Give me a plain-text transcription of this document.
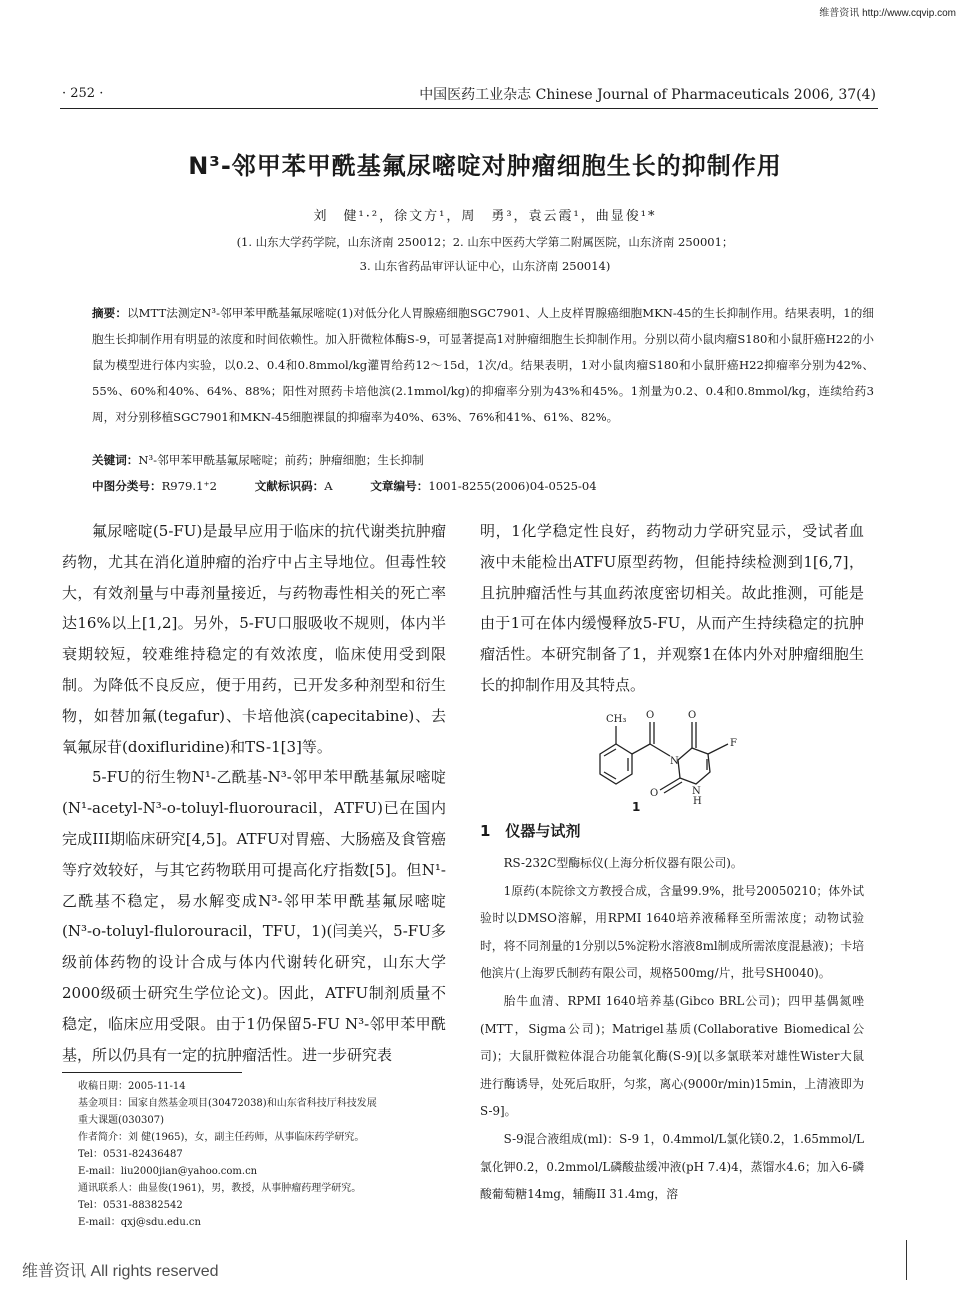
维普资讯 http://www.cqvip.com
· 252 ·	中国医药工业杂志 Chinese Journal of Pharmaceuticals 2006, 37(4)
N³-邻甲苯甲酰基氟尿嘧啶对肿瘤细胞生长的抑制作用
刘　健¹·²，徐文方¹，周　勇³，袁云霞¹，曲显俊¹*
(1. 山东大学药学院，山东济南 250012；2. 山东中医药大学第二附属医院，山东济南 250001；
3. 山东省药品审评认证中心，山东济南 250014)

摘要：以MTT法测定N³-邻甲苯甲酰基氟尿嘧啶(1)对低分化人胃腺癌细胞SGC7901、人上皮样胃腺癌细胞MKN-45的生长抑制作用。结果表明，1的细胞生长抑制作用有明显的浓度和时间依赖性。加入肝微粒体酶S-9，可显著提高1对肿瘤细胞生长抑制作用。分别以荷小鼠肉瘤S180和小鼠肝癌H22的小鼠为模型进行体内实验，以0.2、0.4和0.8mmol/kg灌胃给药12～15d，1次/d。结果表明，1对小鼠肉瘤S180和小鼠肝癌H22抑瘤率分别为42%、55%、60%和40%、64%、88%；阳性对照药卡培他滨(2.1mmol/kg)的抑瘤率分别为43%和45%。1剂量为0.2、0.4和0.8mmol/kg，连续给药3周，对分别移植SGC7901和MKN-45细胞裸鼠的抑瘤率为40%、63%、76%和41%、61%、82%。

关键词：N³-邻甲苯甲酰基氟尿嘧啶；前药；肿瘤细胞；生长抑制
中图分类号：R979.1⁺2	文献标识码：A	文章编号：1001-8255(2006)04-0525-04

氟尿嘧啶(5-FU)是最早应用于临床的抗代谢类抗肿瘤药物，尤其在消化道肿瘤的治疗中占主导地位。但毒性较大，有效剂量与中毒剂量接近，与药物毒性相关的死亡率达16%以上[1,2]。另外，5-FU口服吸收不规则，体内半衰期较短，较难维持稳定的有效浓度，临床使用受到限制。为降低不良反应，便于用药，已开发多种剂型和衍生物，如替加氟(tegafur)、卡培他滨(capecitabine)、去氧氟尿苷(doxifluridine)和TS-1[3]等。

5-FU的衍生物N¹-乙酰基-N³-邻甲苯甲酰基氟尿嘧啶(N¹-acetyl-N³-o-toluyl-fluorouracil，ATFU)已在国内完成III期临床研究[4,5]。ATFU对胃癌、大肠癌及食管癌等疗效较好，与其它药物联用可提高化疗指数[5]。但N¹-乙酰基不稳定，易水解变成N³-邻甲苯甲酰基氟尿嘧啶(N³-o-toluyl-flulorouracil，TFU，1)(闫美兴，5-FU多级前体药物的设计合成与体内代谢转化研究，山东大学2000级硕士研究生学位论文)。因此，ATFU制剂质量不稳定，临床应用受限。由于1仍保留5-FU N³-邻甲苯甲酰基，所以仍具有一定的抗肿瘤活性。进一步研究表

明，1化学稳定性良好，药物动力学研究显示，受试者血液中未能检出ATFU原型药物，但能持续检测到1[6,7]，且抗肿瘤活性与其血药浓度密切相关。故此推测，可能是由于1可在体内缓慢释放5-FU，从而产生持续稳定的抗肿瘤活性。本研究制备了1，并观察1在体内外对肿瘤细胞生长的抑制作用及其特点。

CH₃ O	O
F
N
O	N
H
1
1　仪器与试剂

RS-232C型酶标仪(上海分析仪器有限公司)。

1原药(本院徐文方教授合成，含量99.9%，批号20050210；体外试验时以DMSO溶解，用RPMI 1640培养液稀释至所需浓度；动物试验时，将不同剂量的1分别以5%淀粉水溶液8ml制成所需浓度混悬液)；卡培他滨片(上海罗氏制药有限公司，规格500mg/片，批号SH0040)。

胎牛血清、RPMI 1640培养基(Gibco BRL公司)；四甲基偶氮唑(MTT，Sigma公司)；Matrigel基质(Collaborative Biomedical公司)；大鼠肝微粒体混合功能氧化酶(S-9)[以多氯联苯对雄性Wister大鼠进行酶诱导，处死后取肝，匀浆，离心(9000r/min)15min，上清液即为S-9]。

S-9混合液组成(ml)：S-9 1，0.4mmol/L氯化镁0.2，1.65mmol/L氯化钾0.2，0.2mmol/L磷酸盐缓冲液(pH 7.4)4，蒸馏水4.6；加入6-磷酸葡萄糖14mg，辅酶II 31.4mg，溶

收稿日期：2005-11-14
基金项目：国家自然基金项目(30472038)和山东省科技厅科技发展
重大课题(030307)
作者简介：刘 健(1965)，女，副主任药师，从事临床药学研究。
Tel：0531-82436487
E-mail：liu2000jian@yahoo.com.cn
通讯联系人：曲显俊(1961)，男，教授，从事肿瘤药理学研究。
Tel：0531-88382542
E-mail：qxj@sdu.edu.cn
维普资讯 All rights reserved
